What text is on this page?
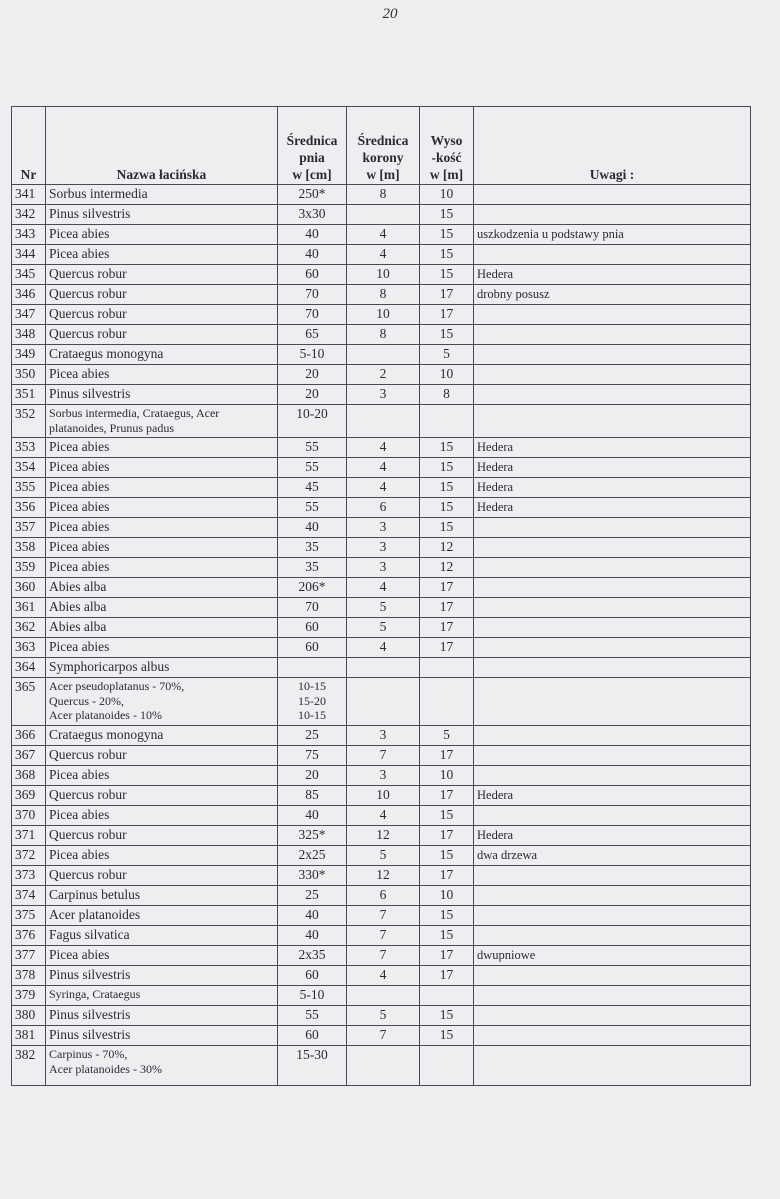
20
Nr	Nazwa łacińska	Średnica
pnia
w [cm]	Średnica
korony
w [m]	Wyso
-kość
w [m]	Uwagi :
341	Sorbus intermedia	250*	8	10	
342	Pinus silvestris	3x30		15	
343	Picea abies	40	4	15	uszkodzenia u podstawy pnia
344	Picea abies	40	4	15	
345	Quercus robur	60	10	15	Hedera
346	Quercus robur	70	8	17	drobny posusz
347	Quercus robur	70	10	17	
348	Quercus robur	65	8	15	
349	Crataegus monogyna	5-10		5	
350	Picea abies	20	2	10	
351	Pinus silvestris	20	3	8	
352	Sorbus intermedia, Crataegus, Acer
platanoides, Prunus padus	10-20			

353	Picea abies	55	4	15	Hedera
354	Picea abies	55	4	15	Hedera
355	Picea abies	45	4	15	Hedera
356	Picea abies	55	6	15	Hedera
357	Picea abies	40	3	15	
358	Picea abies	35	3	12	
359	Picea abies	35	3	12	
360	Abies alba	206*	4	17	
361	Abies alba	70	5	17	
362	Abies alba	60	5	17	
363	Picea abies	60	4	17	
364	Symphoricarpos albus				

365	Acer pseudoplatanus - 70%,
Quercus - 20%,
Acer platanoides - 10%	10-15
15-20
10-15			

366	Crataegus monogyna	25	3	5	
367	Quercus robur	75	7	17	
368	Picea abies	20	3	10	
369	Quercus robur	85	10	17	Hedera
370	Picea abies	40	4	15	
371	Quercus robur	325*	12	17	Hedera
372	Picea abies	2x25	5	15	dwa drzewa
373	Quercus robur	330*	12	17	
374	Carpinus betulus	25	6	10	
375	Acer platanoides	40	7	15	
376	Fagus silvatica	40	7	15	
377	Picea abies	2x35	7	17	dwupniowe
378	Pinus silvestris	60	4	17	
379	Syringa, Crataegus	5-10			

380	Pinus silvestris	55	5	15	
381	Pinus silvestris	60	7	15	
382	Carpinus - 70%,
Acer platanoides - 30%	15-30			
